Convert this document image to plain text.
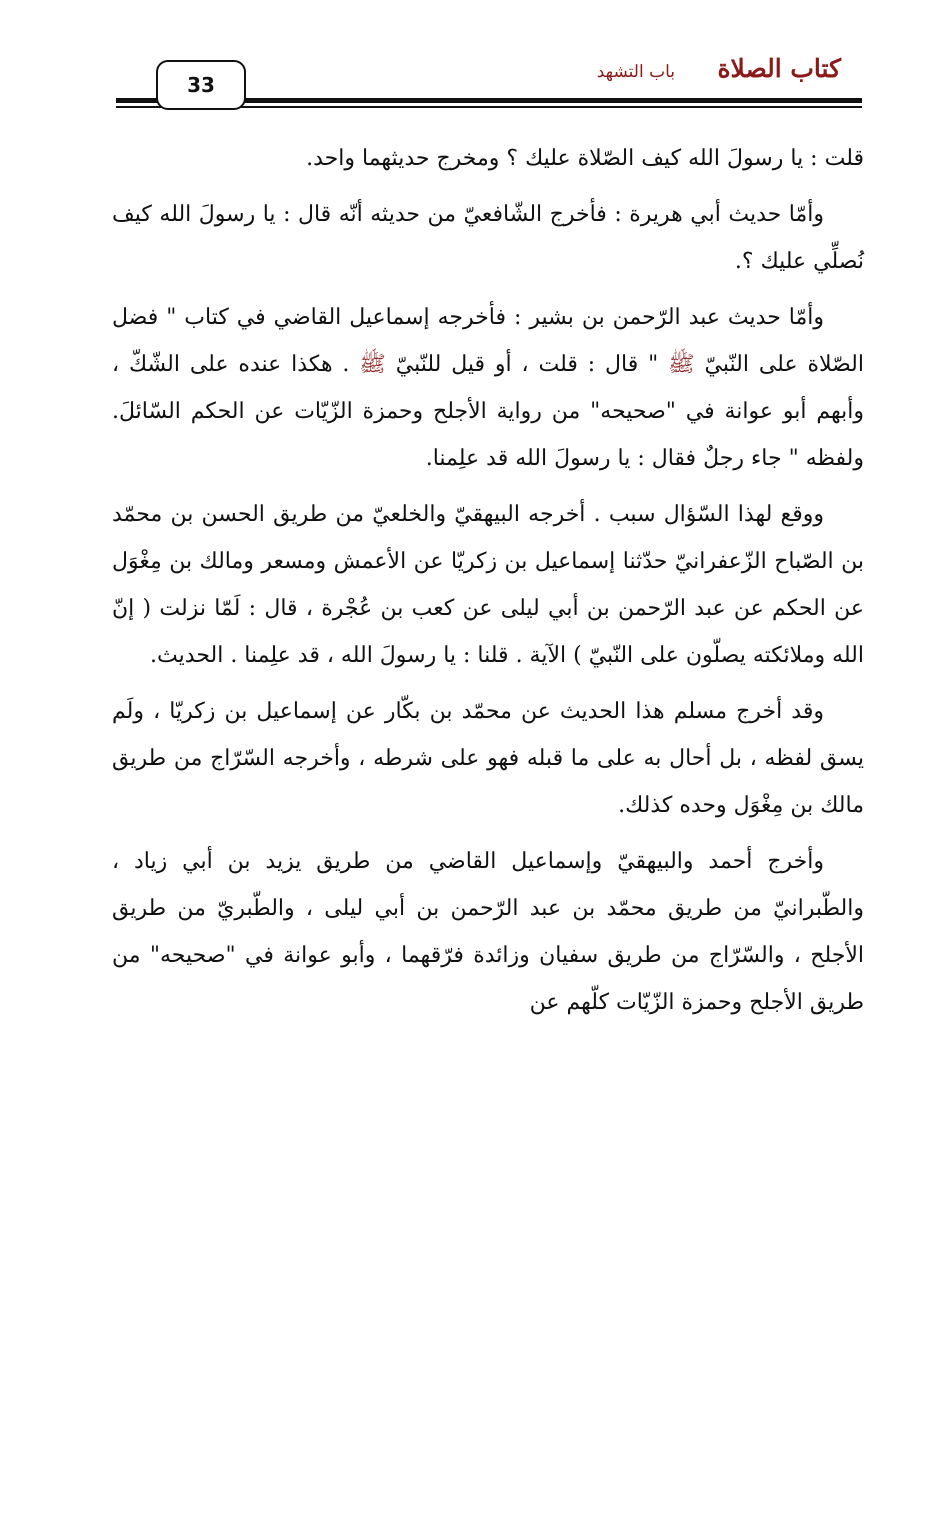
كتاب الصلاة
باب التشهد
33

قلت : يا رسولَ الله كيف الصّلاة عليك ؟ ومخرج حديثهما واحد.

وأمّا حديث أبي هريرة : فأخرج الشّافعيّ من حديثه أنّه قال : يا رسولَ الله كيف نُصلِّي عليك ؟.

وأمّا حديث عبد الرّحمن بن بشير : فأخرجه إسماعيل القاضي في كتاب " فضل الصّلاة على النّبيّ ﷺ " قال : قلت ، أو قيل للنّبيّ ﷺ . هكذا عنده على الشّكّ ، وأبهم أبو عوانة في "صحيحه" من رواية الأجلح وحمزة الزّيّات عن الحكم السّائلَ. ولفظه " جاء رجلٌ فقال : يا رسولَ الله قد علِمنا.

ووقع لهذا السّؤال سبب . أخرجه البيهقيّ والخلعيّ من طريق الحسن بن محمّد بن الصّباح الزّعفرانيّ حدّثنا إسماعيل بن زكريّا عن الأعمش ومسعر ومالك بن مِغْوَل عن الحكم عن عبد الرّحمن بن أبي ليلى عن كعب بن عُجْرة ، قال : لَمّا نزلت ( إنّ الله وملائكته يصلّون على النّبيّ ) الآية . قلنا : يا رسولَ الله ، قد علِمنا . الحديث.

وقد أخرج مسلم هذا الحديث عن محمّد بن بكّار عن إسماعيل بن زكريّا ، ولَم يسق لفظه ، بل أحال به على ما قبله فهو على شرطه ، وأخرجه السّرّاج من طريق مالك بن مِغْوَل وحده كذلك.

وأخرج أحمد والبيهقيّ وإسماعيل القاضي من طريق يزيد بن أبي زياد ، والطّبرانيّ من طريق محمّد بن عبد الرّحمن بن أبي ليلى ، والطّبريّ من طريق الأجلح ، والسّرّاج من طريق سفيان وزائدة فرّقهما ، وأبو عوانة في "صحيحه" من طريق الأجلح وحمزة الزّيّات كلّهم عن
